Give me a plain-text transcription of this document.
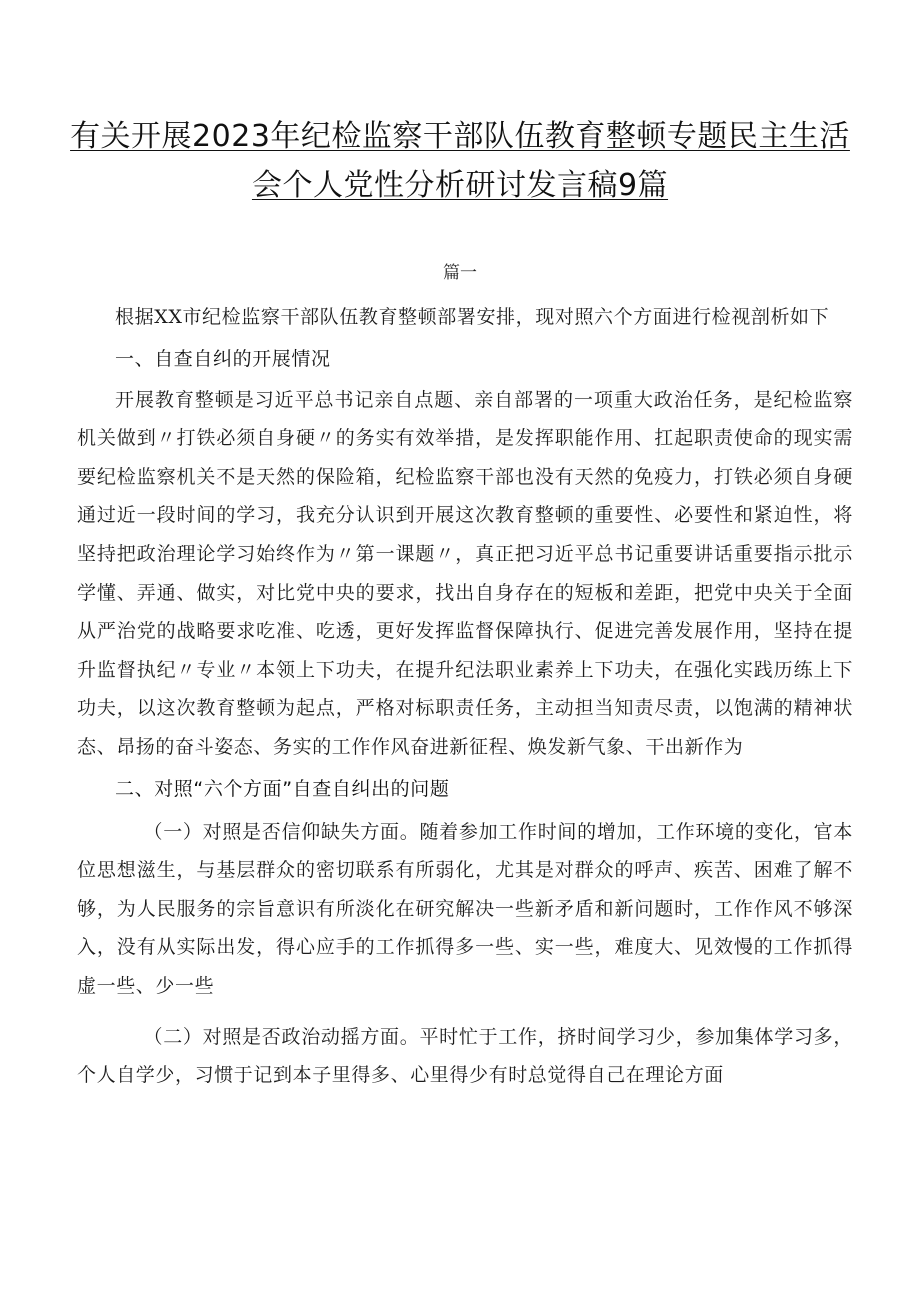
有关开展2023年纪检监察干部队伍教育整顿专题民主生活会个人党性分析研讨发言稿9篇
篇一

根据XX市纪检监察干部队伍教育整顿部署安排，现对照六个方面进行检视剖析如下

一、自查自纠的开展情况

开展教育整顿是习近平总书记亲自点题、亲自部署的一项重大政治任务，是纪检监察机关做到〃打铁必须自身硬〃的务实有效举措，是发挥职能作用、扛起职责使命的现实需要纪检监察机关不是天然的保险箱，纪检监察干部也没有天然的免疫力，打铁必须自身硬通过近一段时间的学习，我充分认识到开展这次教育整顿的重要性、必要性和紧迫性，将坚持把政治理论学习始终作为〃第一课题〃，真正把习近平总书记重要讲话重要指示批示学懂、弄通、做实，对比党中央的要求，找出自身存在的短板和差距，把党中央关于全面从严治党的战略要求吃准、吃透，更好发挥监督保障执行、促进完善发展作用，坚持在提升监督执纪〃专业〃本领上下功夫，在提升纪法职业素养上下功夫，在强化实践历练上下功夫，以这次教育整顿为起点，严格对标职责任务，主动担当知责尽责，以饱满的精神状态、昂扬的奋斗姿态、务实的工作作风奋进新征程、焕发新气象、干出新作为

二、对照“六个方面”自查自纠出的问题

（一）对照是否信仰缺失方面。随着参加工作时间的增加，工作环境的变化，官本位思想滋生，与基层群众的密切联系有所弱化，尤其是对群众的呼声、疾苦、困难了解不够，为人民服务的宗旨意识有所淡化在研究解决一些新矛盾和新问题时，工作作风不够深入，没有从实际出发，得心应手的工作抓得多一些、实一些，难度大、见效慢的工作抓得虚一些、少一些

（二）对照是否政治动摇方面。平时忙于工作，挤时间学习少，参加集体学习多，个人自学少，习惯于记到本子里得多、心里得少有时总觉得自己在理论方面
